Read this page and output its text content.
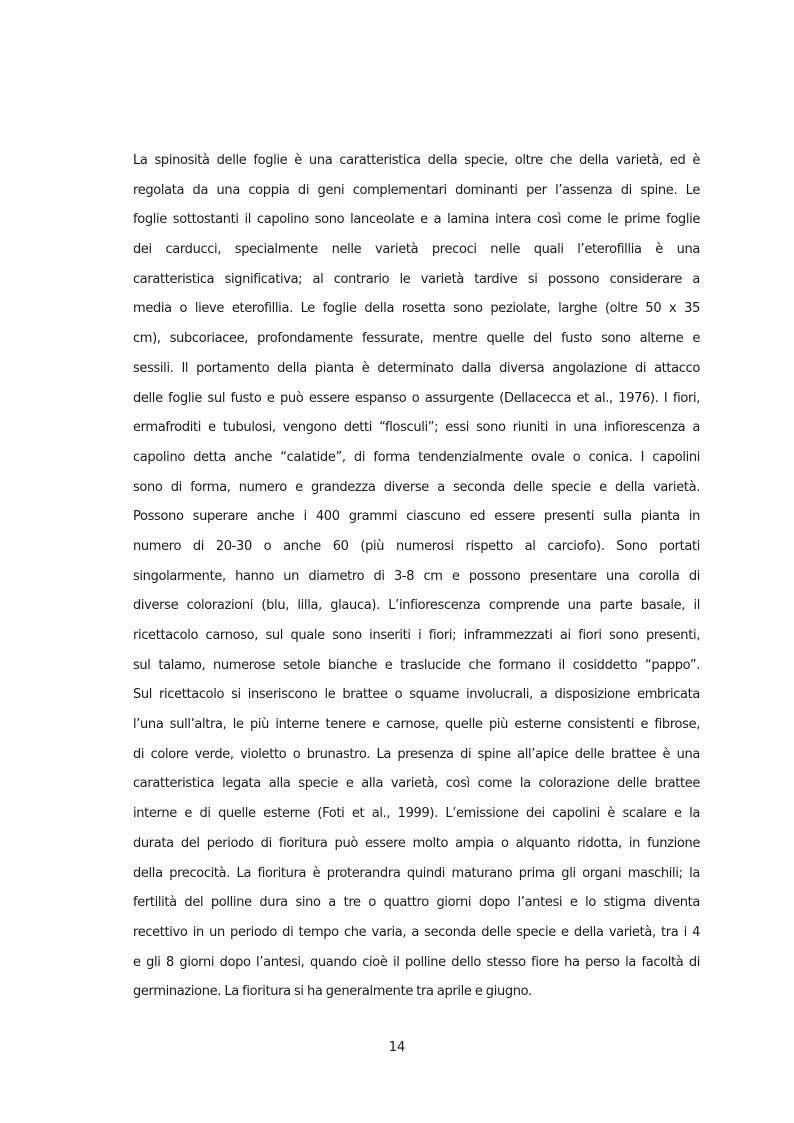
La spinosità delle foglie è una caratteristica della specie, oltre che della varietà, ed è
regolata da una coppia di geni complementari dominanti per l’assenza di spine. Le
foglie sottostanti il capolino sono lanceolate e a lamina intera così come le prime foglie
dei carducci, specialmente nelle varietà precoci nelle quali l’eterofillia è una
caratteristica significativa; al contrario le varietà tardive si possono considerare a
media o lieve eterofillia. Le foglie della rosetta sono peziolate, larghe (oltre 50 x 35
cm), subcoriacee, profondamente fessurate, mentre quelle del fusto sono alterne e
sessili. Il portamento della pianta è determinato dalla diversa angolazione di attacco
delle foglie sul fusto e può essere espanso o assurgente (Dellacecca et al., 1976). I fiori,
ermafroditi e tubulosi, vengono detti “flosculi”; essi sono riuniti in una infiorescenza a
capolino detta anche “calatide”, di forma tendenzialmente ovale o conica. I capolini
sono di forma, numero e grandezza diverse a seconda delle specie e della varietà.
Possono superare anche i 400 grammi ciascuno ed essere presenti sulla pianta in
numero di 20-30 o anche 60 (più numerosi rispetto al carciofo). Sono portati
singolarmente, hanno un diametro di 3-8 cm e possono presentare una corolla di
diverse colorazioni (blu, lilla, glauca). L’infiorescenza comprende una parte basale, il
ricettacolo carnoso, sul quale sono inseriti i fiori; inframmezzati ai fiori sono presenti,
sul talamo, numerose setole bianche e traslucide che formano il cosiddetto “pappo”.
Sul ricettacolo si inseriscono le brattee o squame involucrali, a disposizione embricata
l’una sull’altra, le più interne tenere e carnose, quelle più esterne consistenti e fibrose,
di colore verde, violetto o brunastro. La presenza di spine all’apice delle brattee è una
caratteristica legata alla specie e alla varietà, così come la colorazione delle brattee
interne e di quelle esterne (Foti et al., 1999). L’emissione dei capolini è scalare e la
durata del periodo di fioritura può essere molto ampia o alquanto ridotta, in funzione
della precocità. La fioritura è proterandra quindi maturano prima gli organi maschili; la
fertilità del polline dura sino a tre o quattro giorni dopo l’antesi e lo stigma diventa
recettivo in un periodo di tempo che varia, a seconda delle specie e della varietà, tra i 4
e gli 8 giorni dopo l’antesi, quando cioè il polline dello stesso fiore ha perso la facoltà di
germinazione. La fioritura si ha generalmente tra aprile e giugno.
14
